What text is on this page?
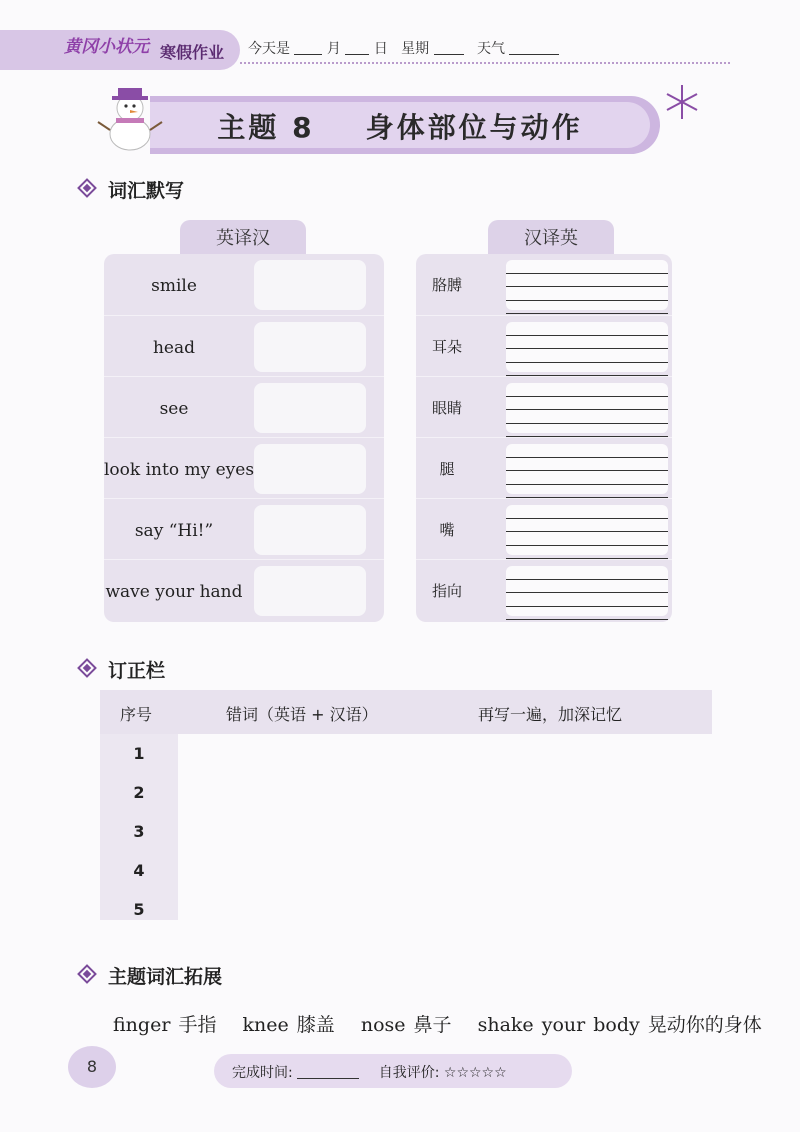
黄冈小状元 寒假作业 今天是	月 日 星期	天气
主题 8    身体部位与动作
词汇默写
英译汉
smile
head
see
look into my eyes
say “Hi!”
wave your hand
汉译英
胳膊
耳朵
眼睛
腿
嘴
指向
订正栏
序号	错词（英语 + 汉语）	再写一遍，加深记忆
1
2
3
4
5
主题词汇拓展
finger 手指 knee 膝盖 nose 鼻子 shake your body 晃动你的身体
8	完成时间:	自我评价: ☆☆☆☆☆
